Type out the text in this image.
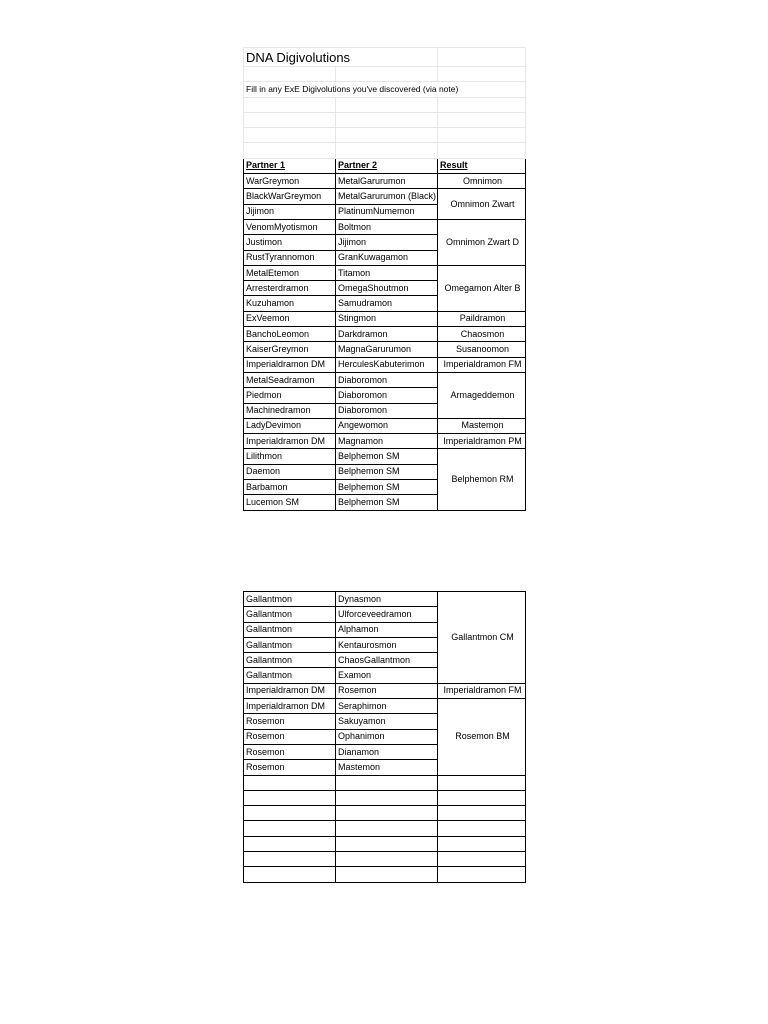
DNA Digivolutions		

Fill in any ExE Digivolutions you've discovered (via note)		

Partner 1	Partner 2	Result
WarGreymon	MetalGarurumon	Omnimon
BlackWarGreymon	MetalGarurumon (Black)	Omnimon Zwart
Jijimon	PlatinumNumemon	
VenomMyotismon	Boltmon	Omnimon Zwart D
Justimon	Jijimon	
RustTyrannomon	GranKuwagamon	
MetalEtemon	Titamon	Omegamon Alter B
Arresterdramon	OmegaShoutmon	
Kuzuhamon	Samudramon	
ExVeemon	Stingmon	Paildramon
BanchoLeomon	Darkdramon	Chaosmon
KaiserGreymon	MagnaGarurumon	Susanoomon
Imperialdramon DM	HerculesKabuterimon	Imperialdramon FM
MetalSeadramon	Diaboromon	Armageddemon
Piedmon	Diaboromon	
Machinedramon	Diaboromon	
LadyDevimon	Angewomon	Mastemon
Imperialdramon DM	Magnamon	Imperialdramon PM
Lilithmon	Belphemon SM	Belphemon RM
Daemon	Belphemon SM	
Barbamon	Belphemon SM	
Lucemon SM	Belphemon SM	
Gallantmon	Dynasmon	Gallantmon CM
Gallantmon	Ulforceveedramon	
Gallantmon	Alphamon	
Gallantmon	Kentaurosmon	
Gallantmon	ChaosGallantmon	
Gallantmon	Examon	
Imperialdramon DM	Rosemon	Imperialdramon FM
Imperialdramon DM	Seraphimon	Rosemon BM
Rosemon	Sakuyamon	
Rosemon	Ophanimon	
Rosemon	Dianamon	
Rosemon	Mastemon	
